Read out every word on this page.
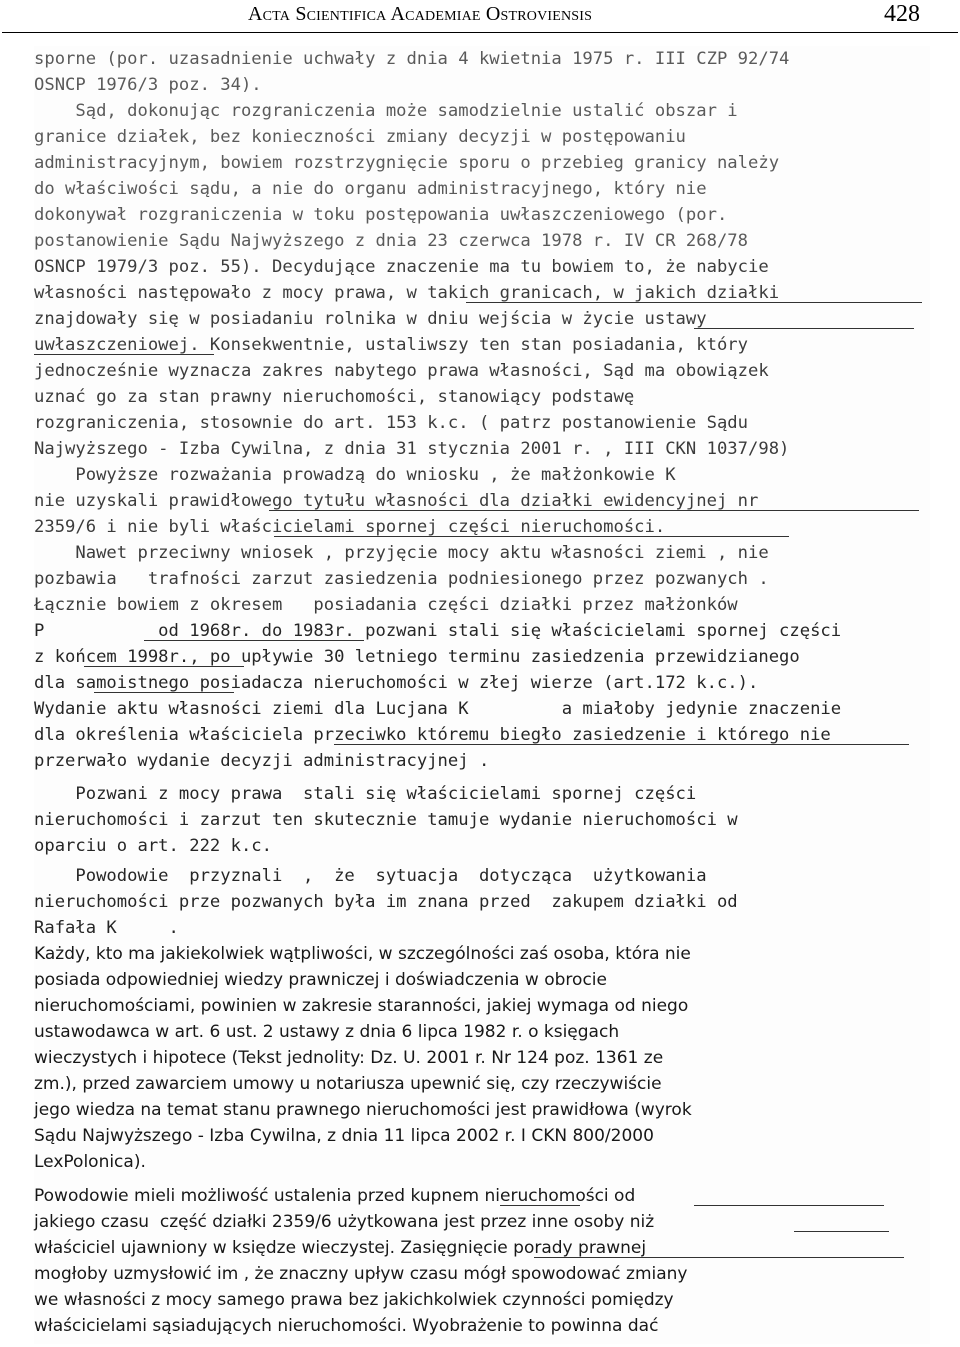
Acta Scientifica Academiae Ostroviensis	428
sporne (por. uzasadnienie uchwały z dnia 4 kwietnia 1975 r. III CZP 92/74
OSNCP 1976/3 poz. 34).
Sąd, dokonując rozgraniczenia może samodzielnie ustalić obszar i
granice działek, bez konieczności zmiany decyzji w postępowaniu
administracyjnym, bowiem rozstrzygnięcie sporu o przebieg granicy należy
do właściwości sądu, a nie do organu administracyjnego, który nie
dokonywał rozgraniczenia w toku postępowania uwłaszczeniowego (por.
postanowienie Sądu Najwyższego z dnia 23 czerwca 1978 r. IV CR 268/78
OSNCP 1979/3 poz. 55). Decydujące znaczenie ma tu bowiem to, że nabycie
własności następowało z mocy prawa, w takich granicach, w jakich działki
znajdowały się w posiadaniu rolnika w dniu wejścia w życie ustawy
uwłaszczeniowej. Konsekwentnie, ustaliwszy ten stan posiadania, który
jednocześnie wyznacza zakres nabytego prawa własności, Sąd ma obowiązek
uznać go za stan prawny nieruchomości, stanowiący podstawę
rozgraniczenia, stosownie do art. 153 k.c. ( patrz postanowienie Sądu
Najwyższego - Izba Cywilna, z dnia 31 stycznia 2001 r. , III CKN 1037/98)
Powyższe rozważania prowadzą do wniosku , że małżonkowie K
nie uzyskali prawidłowego tytułu własności dla działki ewidencyjnej nr
2359/6 i nie byli właścicielami spornej części nieruchomości.
Nawet przeciwny wniosek , przyjęcie mocy aktu własności ziemi , nie
pozbawia   trafności zarzut zasiedzenia podniesionego przez pozwanych .
Łącznie bowiem z okresem   posiadania części działki przez małżonków
P           od 1968r. do 1983r. pozwani stali się właścicielami spornej części
z końcem 1998r., po upływie 30 letniego terminu zasiedzenia przewidzianego
dla samoistnego posiadacza nieruchomości w złej wierze (art.172 k.c.).
Wydanie aktu własności ziemi dla Lucjana K         a miałoby jedynie znaczenie
dla określenia właściciela przeciwko któremu biegło zasiedzenie i którego nie
przerwało wydanie decyzji administracyjnej .
Pozwani z mocy prawa  stali się właścicielami spornej części
nieruchomości i zarzut ten skutecznie tamuje wydanie nieruchomości w
oparciu o art. 222 k.c.
Powodowie  przyznali  ,  że  sytuacja  dotycząca  użytkowania
nieruchomości prze pozwanych była im znana przed  zakupem działki od
Rafała K     .
Każdy, kto ma jakiekolwiek wątpliwości, w szczególności zaś osoba, która nie
posiada odpowiedniej wiedzy prawniczej i doświadczenia w obrocie
nieruchomościami, powinien w zakresie staranności, jakiej wymaga od niego
ustawodawca w art. 6 ust. 2 ustawy z dnia 6 lipca 1982 r. o księgach
wieczystych i hipotece (Tekst jednolity: Dz. U. 2001 r. Nr 124 poz. 1361 ze
zm.), przed zawarciem umowy u notariusza upewnić się, czy rzeczywiście
jego wiedza na temat stanu prawnego nieruchomości jest prawidłowa (wyrok
Sądu Najwyższego - Izba Cywilna, z dnia 11 lipca 2002 r. I CKN 800/2000
LexPolonica).
Powodowie mieli możliwość ustalenia przed kupnem nieruchomości od
jakiego czasu  część działki 2359/6 użytkowana jest przez inne osoby niż
właściciel ujawniony w księdze wieczystej. Zasięgnięcie porady prawnej
mogłoby uzmysłowić im , że znaczny upływ czasu mógł spowodować zmiany
we własności z mocy samego prawa bez jakichkolwiek czynności pomiędzy
właścicielami sąsiadujących nieruchomości. Wyobrażenie to powinna dać
